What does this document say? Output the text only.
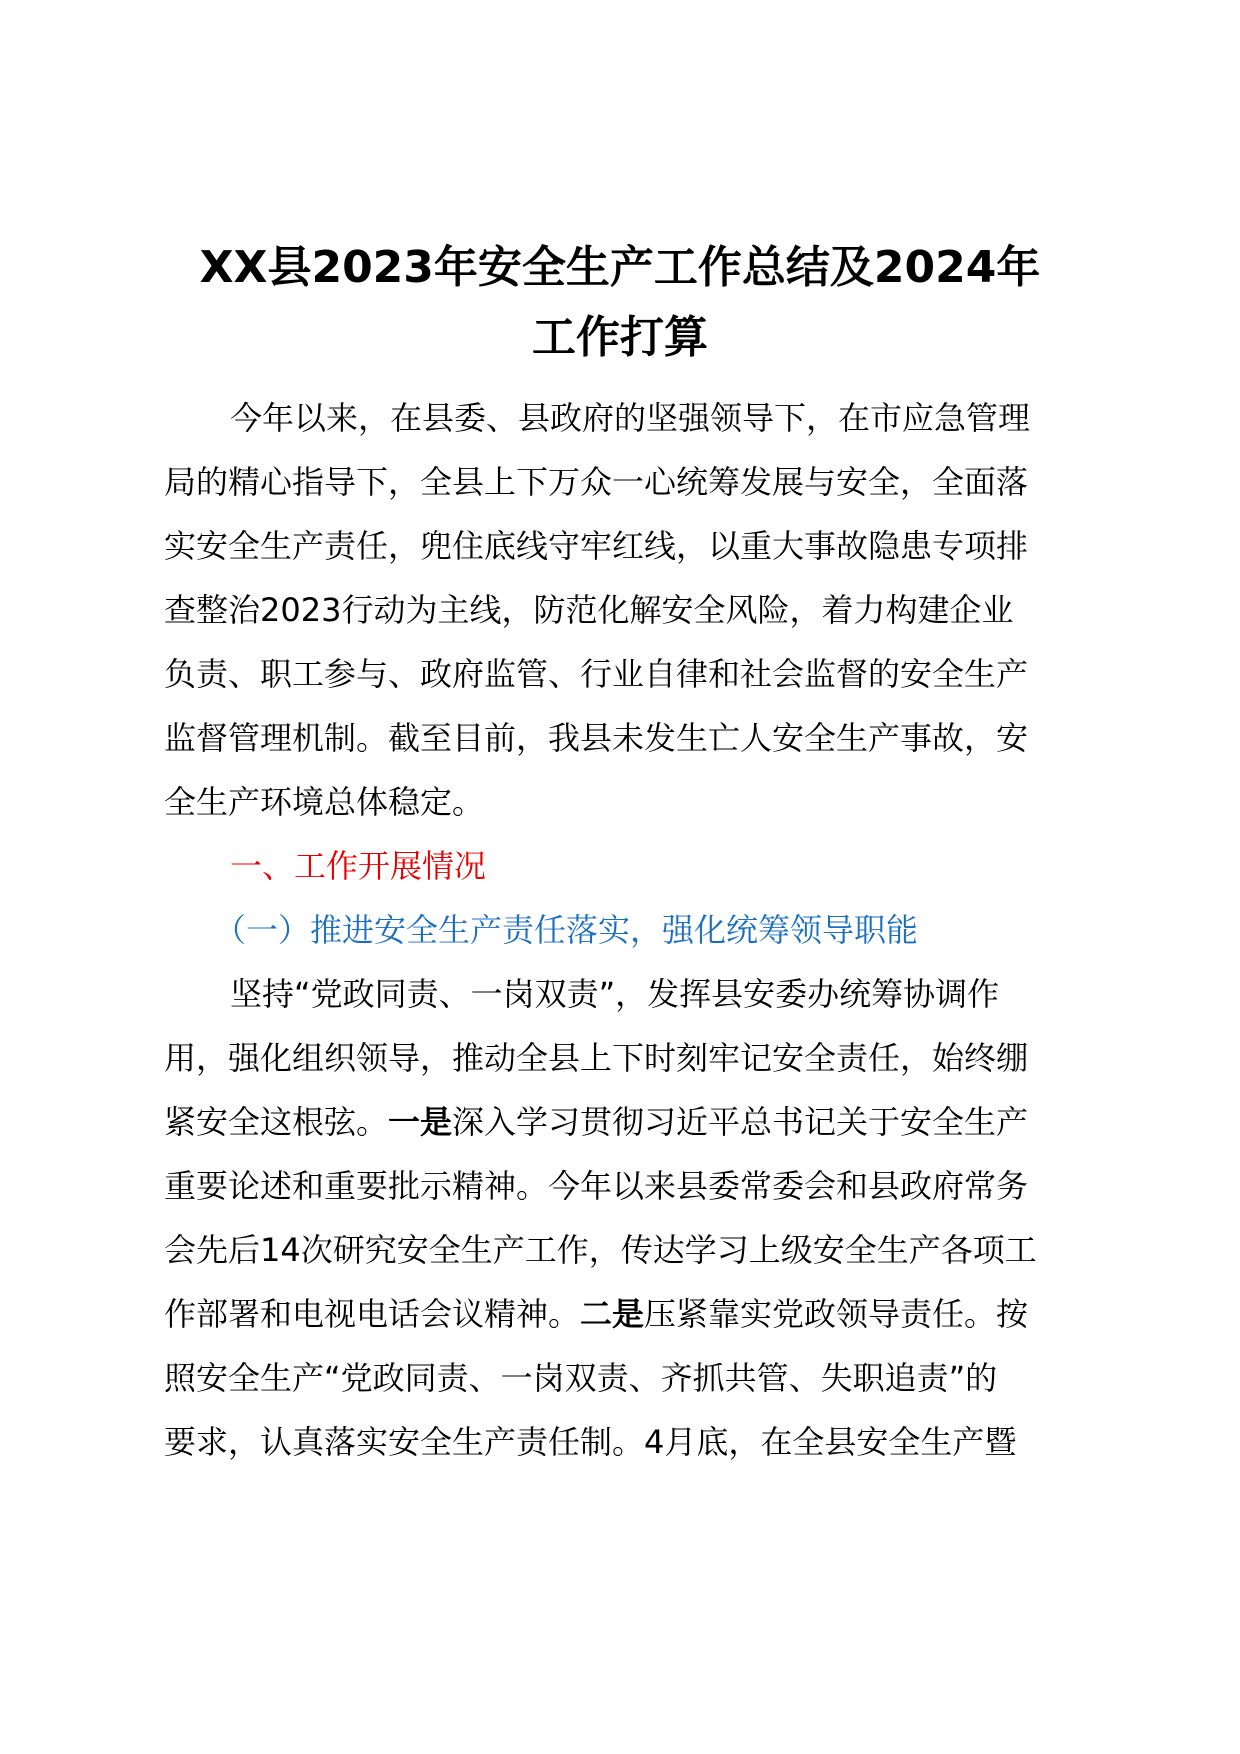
XX县2023年安全生产工作总结及2024年
工作打算
今年以来，在县委、县政府的坚强领导下，在市应急管理
局的精心指导下，全县上下万众一心统筹发展与安全，全面落
实安全生产责任，兜住底线守牢红线，以重大事故隐患专项排
查整治2023行动为主线，防范化解安全风险，着力构建企业
负责、职工参与、政府监管、行业自律和社会监督的安全生产
监督管理机制。截至目前，我县未发生亡人安全生产事故，安
全生产环境总体稳定。
一、工作开展情况
（一）推进安全生产责任落实，强化统筹领导职能
坚持“党政同责、一岗双责”，发挥县安委办统筹协调作
用，强化组织领导，推动全县上下时刻牢记安全责任，始终绷
紧安全这根弦。一是深入学习贯彻习近平总书记关于安全生产
重要论述和重要批示精神。今年以来县委常委会和县政府常务
会先后14次研究安全生产工作，传达学习上级安全生产各项工
作部署和电视电话会议精神。二是压紧靠实党政领导责任。按
照安全生产“党政同责、一岗双责、齐抓共管、失职追责”的
要求，认真落实安全生产责任制。4月底，在全县安全生产暨
